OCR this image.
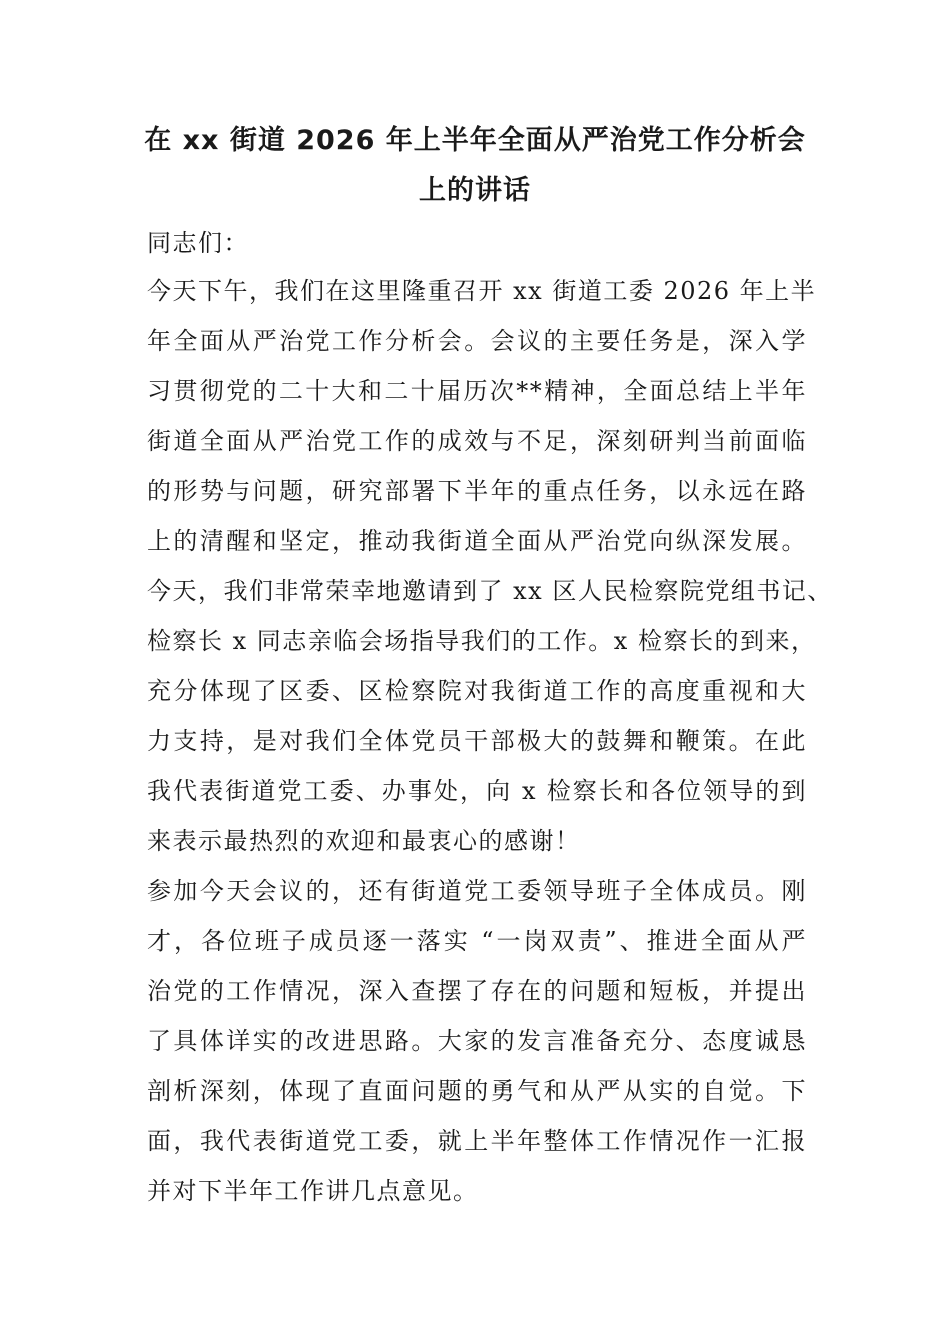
在 xx 街道 2026 年上半年全面从严治党工作分析会
上的讲话
同志们：
今天下午，我们在这里隆重召开 xx 街道工委 2026 年上半
年全面从严治党工作分析会。会议的主要任务是，深入学
习贯彻党的二十大和二十届历次**精神，全面总结上半年
街道全面从严治党工作的成效与不足，深刻研判当前面临
的形势与问题，研究部署下半年的重点任务，以永远在路
上的清醒和坚定，推动我街道全面从严治党向纵深发展。
今天，我们非常荣幸地邀请到了 xx 区人民检察院党组书记、
检察长 x 同志亲临会场指导我们的工作。x 检察长的到来，
充分体现了区委、区检察院对我街道工作的高度重视和大
力支持，是对我们全体党员干部极大的鼓舞和鞭策。在此
我代表街道党工委、办事处，向 x 检察长和各位领导的到
来表示最热烈的欢迎和最衷心的感谢！
参加今天会议的，还有街道党工委领导班子全体成员。刚
才，各位班子成员逐一落实 “一岗双责”、推进全面从严
治党的工作情况，深入查摆了存在的问题和短板，并提出
了具体详实的改进思路。大家的发言准备充分、态度诚恳
剖析深刻，体现了直面问题的勇气和从严从实的自觉。下
面，我代表街道党工委，就上半年整体工作情况作一汇报
并对下半年工作讲几点意见。
